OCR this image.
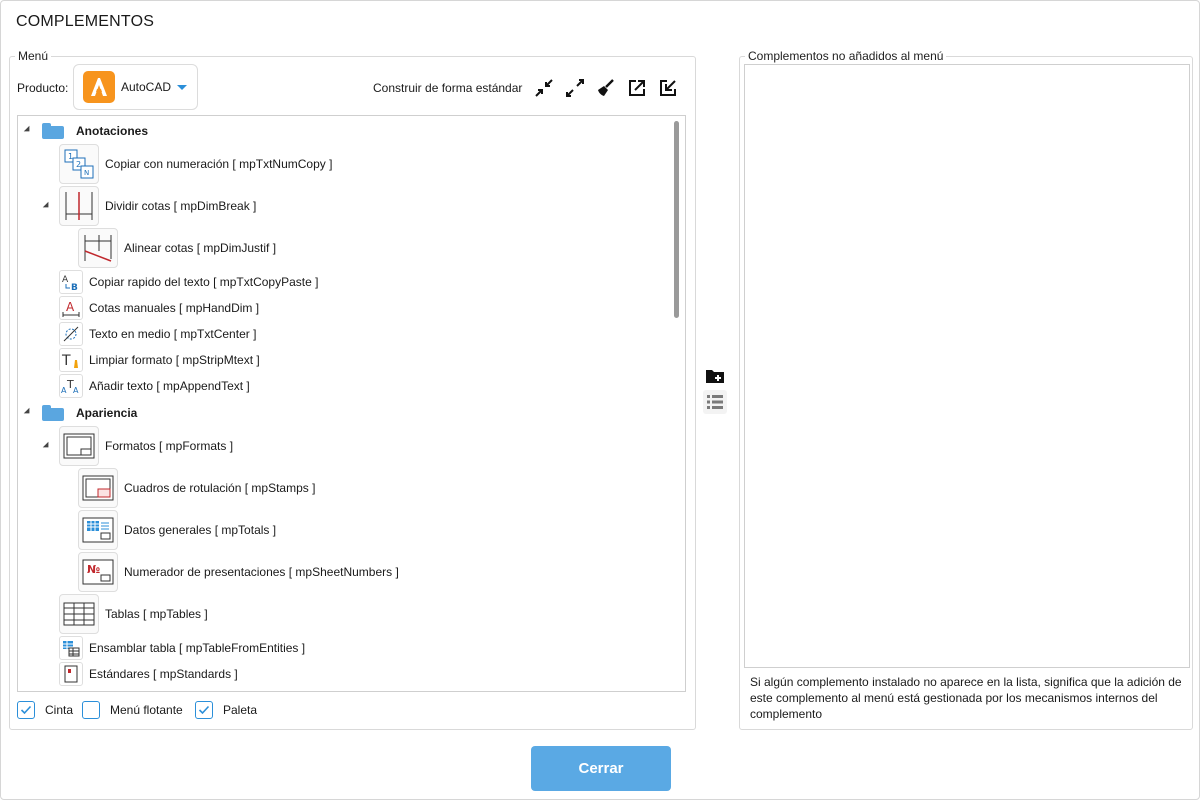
COMPLEMENTOS
Menú
Producto:	AutoCAD	Construir de forma estándar
Anotaciones
1
2
N
Copiar con numeración [ mpTxtNumCopy ]
Dividir cotas [ mpDimBreak ]
Alinear cotas [ mpDimJustif ]
A
B Copiar rapido del texto [ mpTxtCopyPaste ]
A Cotas manuales [ mpHandDim ]
Texto en medio [ mpTxtCenter ]
T Limpiar formato [ mpStripMtext ]
A T A Añadir texto [ mpAppendText ]
Apariencia
Formatos [ mpFormats ]
Cuadros de rotulación [ mpStamps ]
Datos generales [ mpTotals ]
№ Numerador de presentaciones [ mpSheetNumbers ]
Tablas [ mpTables ]
Ensamblar tabla [ mpTableFromEntities ]
Estándares [ mpStandards ]
Cinta	Menú flotante	Paleta
Complementos no añadidos al menú
Si algún complemento instalado no aparece en la lista, significa que la adición de este complemento al menú está gestionada por los mecanismos internos del complemento
Cerrar
